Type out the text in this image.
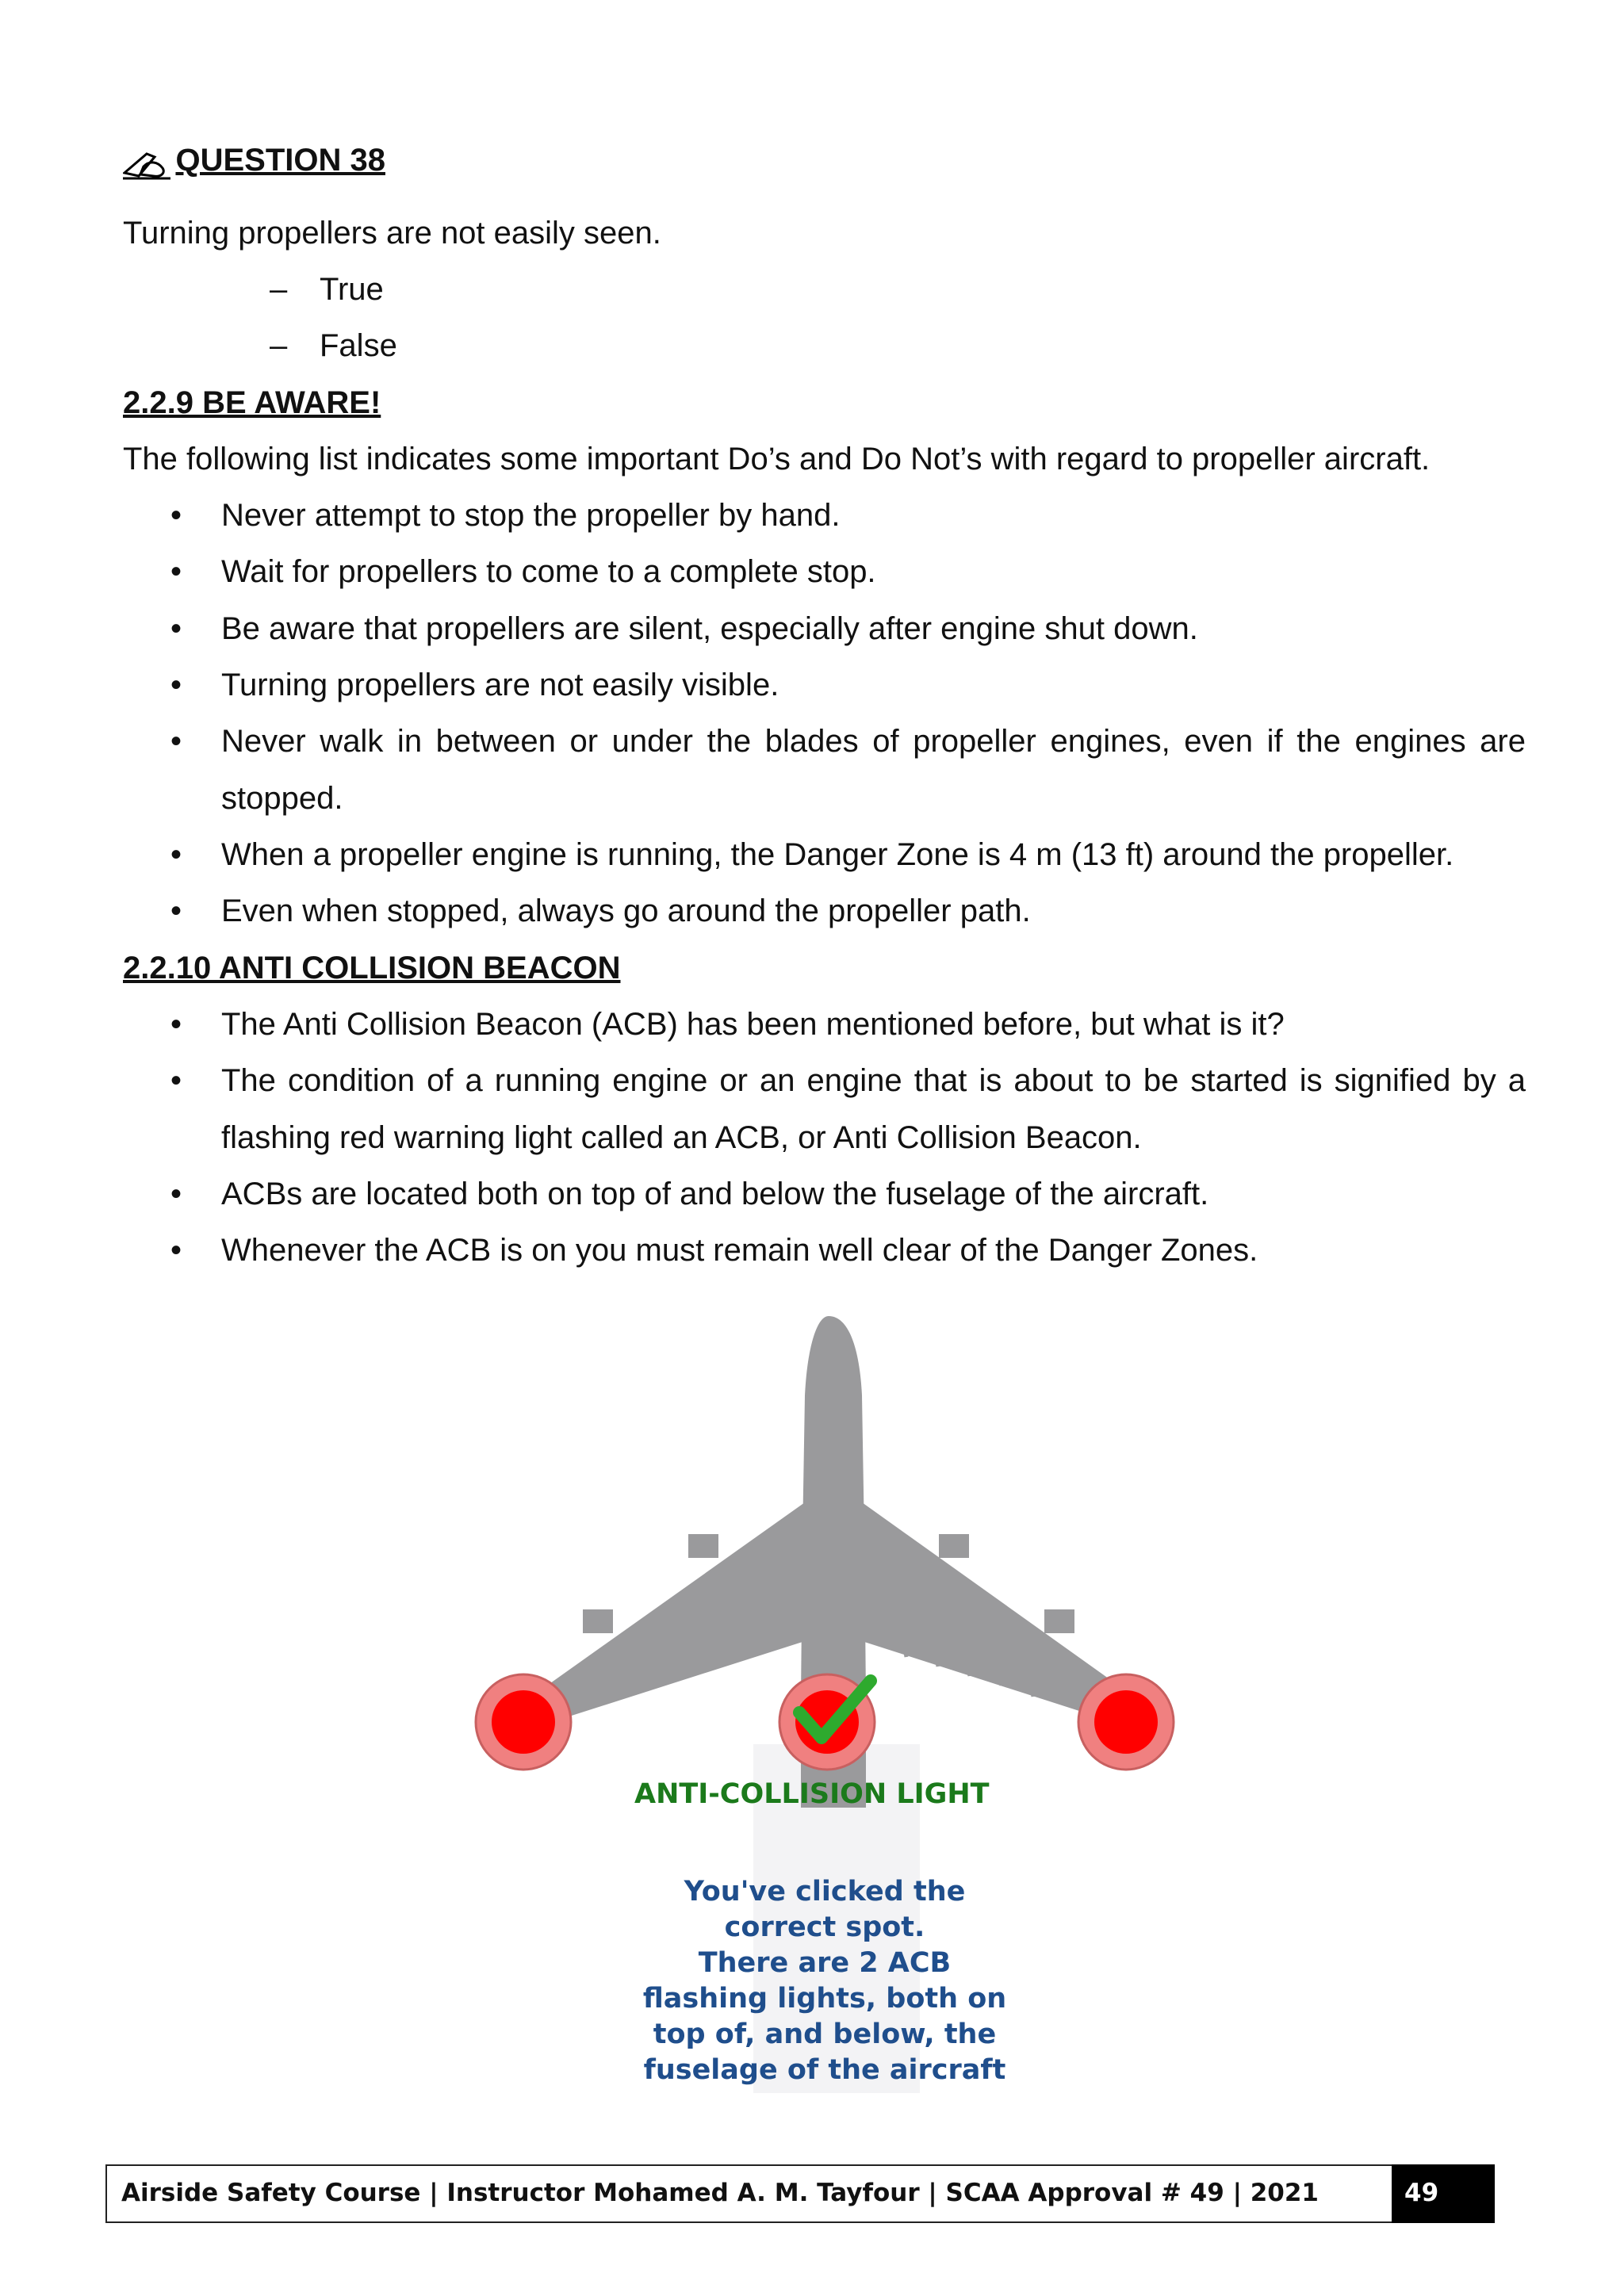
QUESTION 38
Turning propellers are not easily seen.
– True
– False
2.2.9 BE AWARE!
The following list indicates some important Do’s and Do Not’s with regard to propeller aircraft.
• Never attempt to stop the propeller by hand.
• Wait for propellers to come to a complete stop.
• Be aware that propellers are silent, especially after engine shut down.
• Turning propellers are not easily visible.
• Never walk in between or under the blades of propeller engines, even if the engines are
stopped.
• When a propeller engine is running, the Danger Zone is 4 m (13 ft) around the propeller.
• Even when stopped, always go around the propeller path.
2.2.10 ANTI COLLISION BEACON
• The Anti Collision Beacon (ACB) has been mentioned before, but what is it?
• The condition of a running engine or an engine that is about to be started is signified by a
flashing red warning light called an ACB, or Anti Collision Beacon.
• ACBs are located both on top of and below the fuselage of the aircraft.
• Whenever the ACB is on you must remain well clear of the Danger Zones.
ANTI-COLLISION LIGHT
You've clicked the
correct spot.
There are 2 ACB
flashing lights, both on
top of, and below, the
fuselage of the aircraft
Airside Safety Course | Instructor Mohamed A. M. Tayfour | SCAA Approval # 49 | 2021	49
